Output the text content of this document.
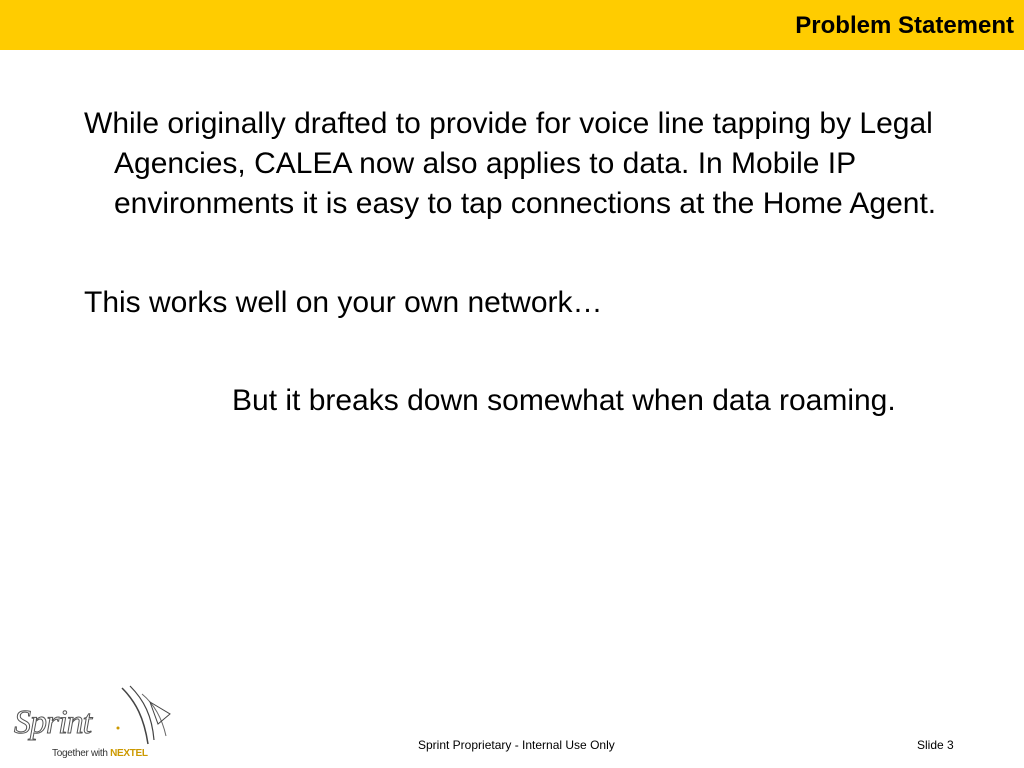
Problem Statement

While originally drafted to provide for voice line tapping by Legal Agencies, CALEA now also applies to data. In Mobile IP environments it is easy to tap connections at the Home Agent.

This works well on your own network…

But it breaks down somewhat when data roaming.

Sprint
Together with NEXTEL
Sprint Proprietary - Internal Use Only	Slide 3
